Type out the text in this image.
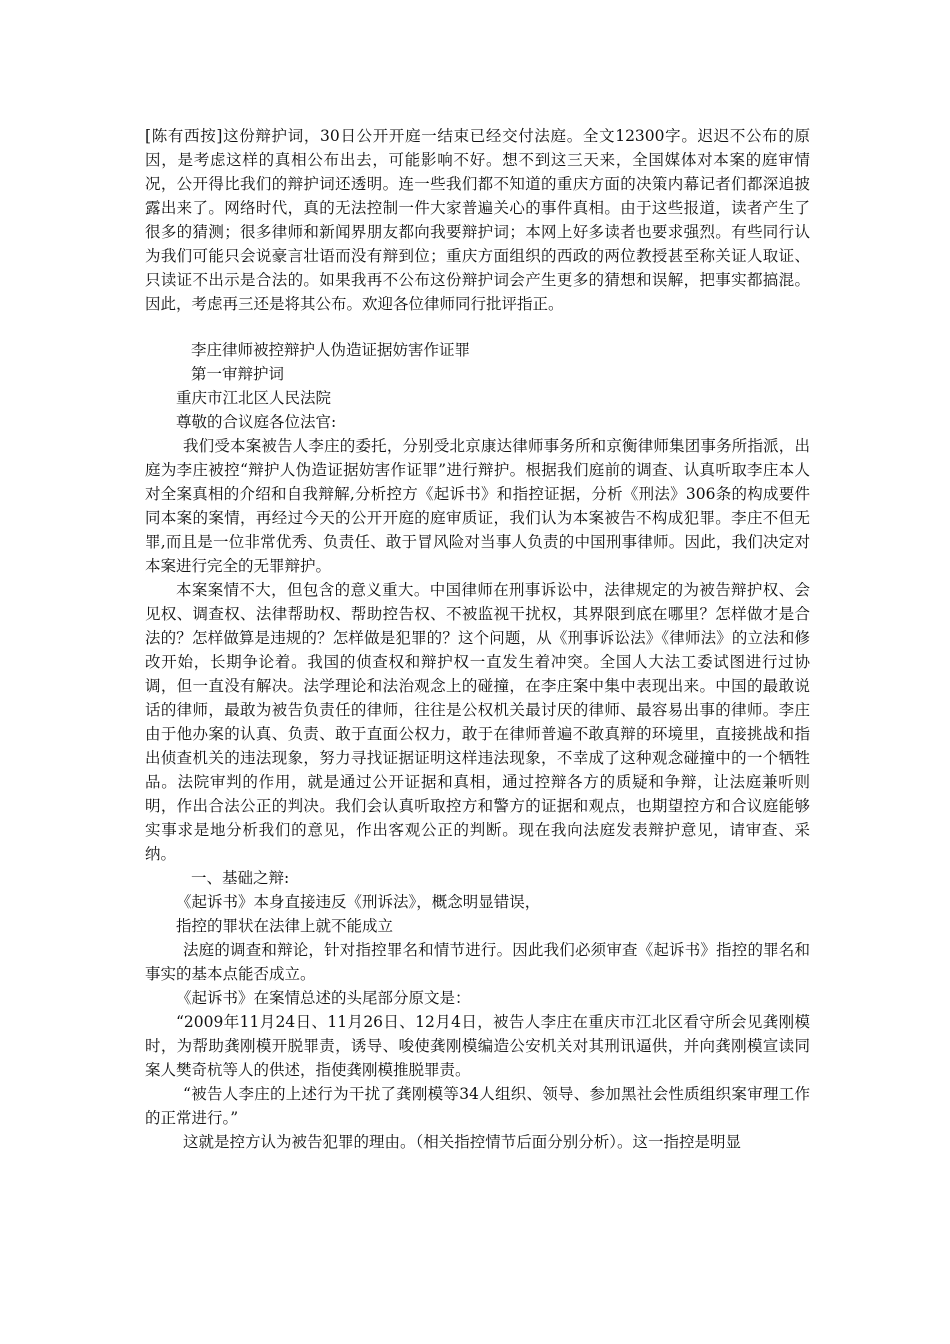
[陈有西按]这份辩护词，30日公开开庭一结束已经交付法庭。全文12300字。迟迟不公布的原因，是考虑这样的真相公布出去，可能影响不好。想不到这三天来，全国媒体对本案的庭审情况，公开得比我们的辩护词还透明。连一些我们都不知道的重庆方面的决策内幕记者们都深追披露出来了。网络时代，真的无法控制一件大家普遍关心的事件真相。由于这些报道，读者产生了很多的猜测；很多律师和新闻界朋友都向我要辩护词；本网上好多读者也要求强烈。有些同行认为我们可能只会说豪言壮语而没有辩到位；重庆方面组织的西政的两位教授甚至称关证人取证、只读证不出示是合法的。如果我再不公布这份辩护词会产生更多的猜想和误解，把事实都搞混。因此，考虑再三还是将其公布。欢迎各位律师同行批评指正。

李庄律师被控辩护人伪造证据妨害作证罪

第一审辩护词

重庆市江北区人民法院

尊敬的合议庭各位法官:

我们受本案被告人李庄的委托，分别受北京康达律师事务所和京衡律师集团事务所指派，出庭为李庄被控“辩护人伪造证据妨害作证罪”进行辩护。根据我们庭前的调查、认真听取李庄本人对全案真相的介绍和自我辩解,分析控方《起诉书》和指控证据，分析《刑法》306条的构成要件同本案的案情，再经过今天的公开开庭的庭审质证，我们认为本案被告不构成犯罪。李庄不但无罪,而且是一位非常优秀、负责任、敢于冒风险对当事人负责的中国刑事律师。因此，我们决定对本案进行完全的无罪辩护。

本案案情不大，但包含的意义重大。中国律师在刑事诉讼中，法律规定的为被告辩护权、会见权、调查权、法律帮助权、帮助控告权、不被监视干扰权，其界限到底在哪里？怎样做才是合法的？怎样做算是违规的？怎样做是犯罪的？这个问题，从《刑事诉讼法》《律师法》的立法和修改开始，长期争论着。我国的侦查权和辩护权一直发生着冲突。全国人大法工委试图进行过协调，但一直没有解决。法学理论和法治观念上的碰撞，在李庄案中集中表现出来。中国的最敢说话的律师，最敢为被告负责任的律师，往往是公权机关最讨厌的律师、最容易出事的律师。李庄由于他办案的认真、负责、敢于直面公权力，敢于在律师普遍不敢真辩的环境里，直接挑战和指出侦查机关的违法现象，努力寻找证据证明这样违法现象，不幸成了这种观念碰撞中的一个牺牲品。法院审判的作用，就是通过公开证据和真相，通过控辩各方的质疑和争辩，让法庭兼听则明，作出合法公正的判决。我们会认真听取控方和警方的证据和观点，也期望控方和合议庭能够实事求是地分析我们的意见，作出客观公正的判断。现在我向法庭发表辩护意见，请审查、采纳。

一、基础之辩:

《起诉书》本身直接违反《刑诉法》，概念明显错误，

指控的罪状在法律上就不能成立

法庭的调查和辩论，针对指控罪名和情节进行。因此我们必须审查《起诉书》指控的罪名和事实的基本点能否成立。

《起诉书》在案情总述的头尾部分原文是：

“2009年11月24日、11月26日、12月4日，被告人李庄在重庆市江北区看守所会见龚刚模时，为帮助龚刚模开脱罪责，诱导、唆使龚刚模编造公安机关对其刑讯逼供，并向龚刚模宣读同案人樊奇杭等人的供述，指使龚刚模推脱罪责。

“被告人李庄的上述行为干扰了龚刚模等34人组织、领导、参加黑社会性质组织案审理工作的正常进行。”

这就是控方认为被告犯罪的理由。（相关指控情节后面分别分析）。这一指控是明显
